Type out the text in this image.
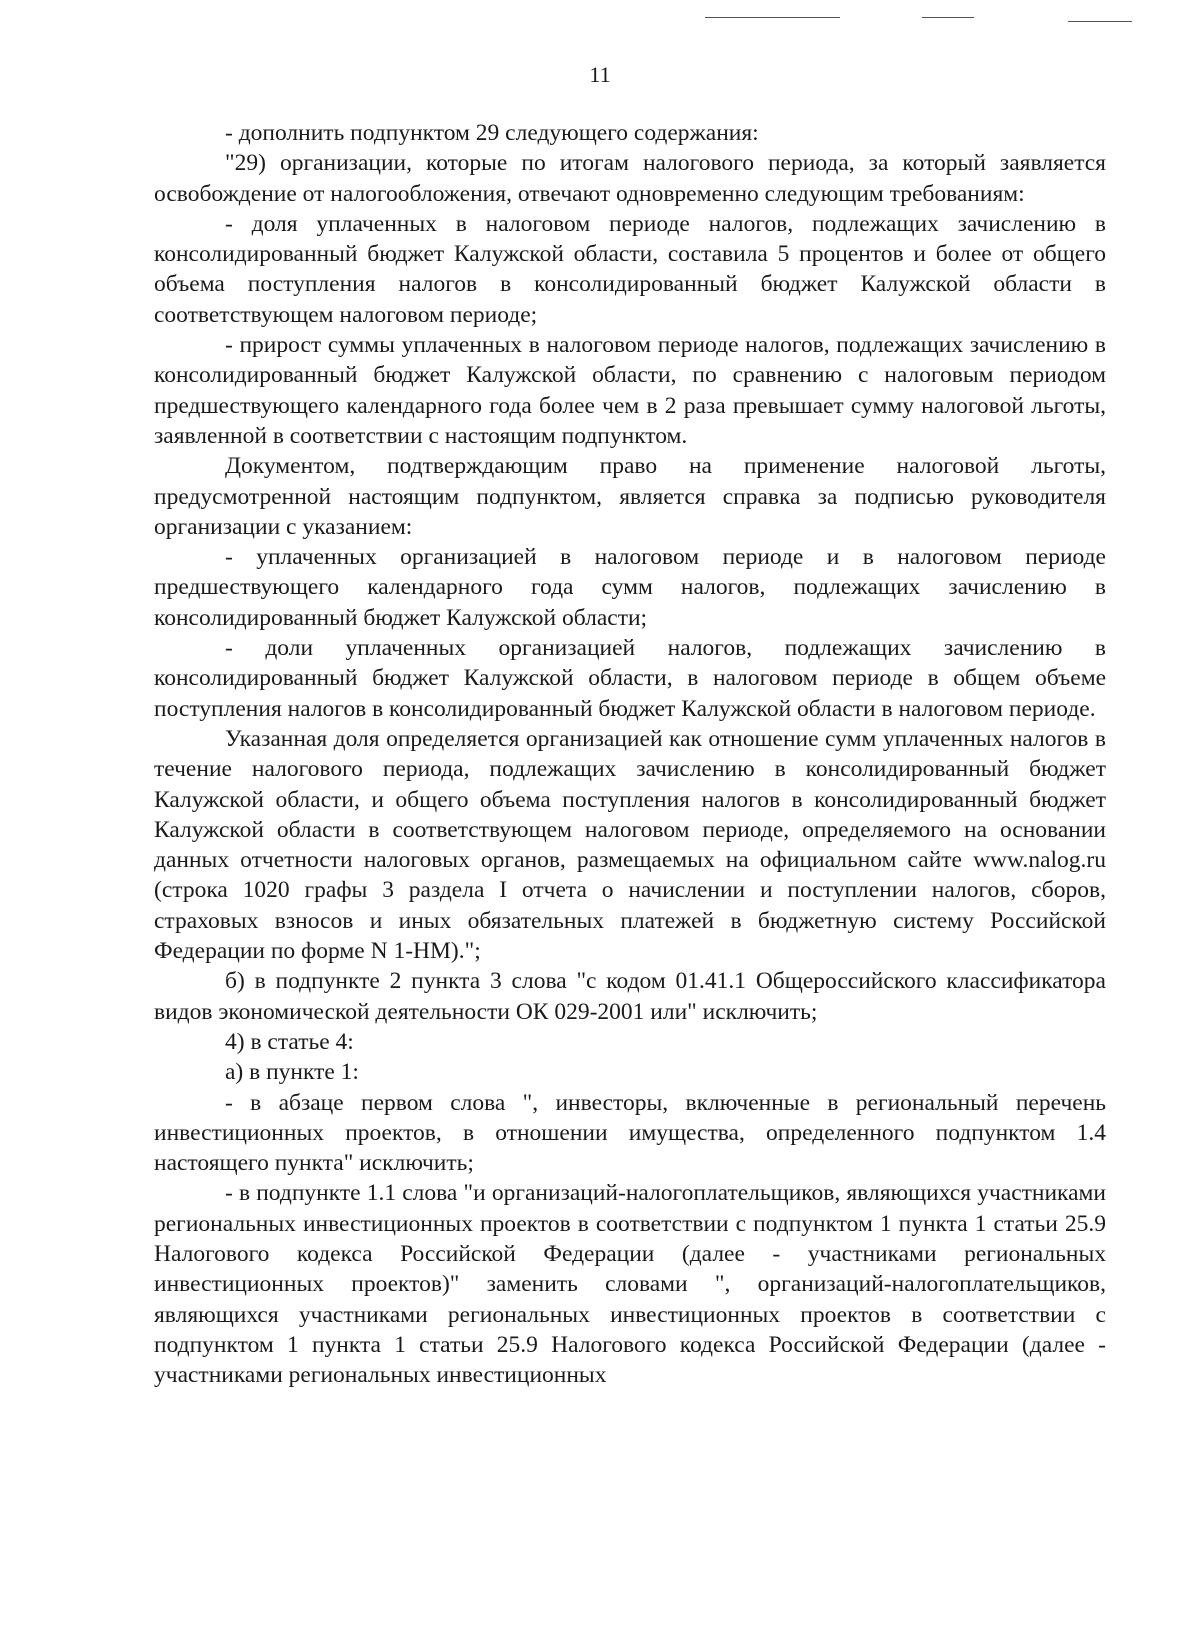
11

- дополнить подпунктом 29 следующего содержания:

"29) организации, которые по итогам налогового периода, за который заявляется освобождение от налогообложения, отвечают одновременно следующим требованиям:

- доля уплаченных в налоговом периоде налогов, подлежащих зачислению в консолидированный бюджет Калужской области, составила 5 процентов и более от общего объема поступления налогов в консолидированный бюджет Калужской области в соответствующем налоговом периоде;

- прирост суммы уплаченных в налоговом периоде налогов, подлежащих зачислению в консолидированный бюджет Калужской области, по сравнению с налоговым периодом предшествующего календарного года более чем в 2 раза превышает сумму налоговой льготы, заявленной в соответствии с настоящим подпунктом.

Документом, подтверждающим право на применение налоговой льготы, предусмотренной настоящим подпунктом, является справка за подписью руководителя организации с указанием:

- уплаченных организацией в налоговом периоде и в налоговом периоде предшествующего календарного года сумм налогов, подлежащих зачислению в консолидированный бюджет Калужской области;

- доли уплаченных организацией налогов, подлежащих зачислению в консолидированный бюджет Калужской области, в налоговом периоде в общем объеме поступления налогов в консолидированный бюджет Калужской области в налоговом периоде.

Указанная доля определяется организацией как отношение сумм уплаченных налогов в течение налогового периода, подлежащих зачислению в консолидированный бюджет Калужской области, и общего объема поступления налогов в консолидированный бюджет Калужской области в соответствующем налоговом периоде, определяемого на основании данных отчетности налоговых органов, размещаемых на официальном сайте www.nalog.ru (строка 1020 графы 3 раздела I отчета о начислении и поступлении налогов, сборов, страховых взносов и иных обязательных платежей в бюджетную систему Российской Федерации по форме N 1-НМ).";

б) в подпункте 2 пункта 3 слова "с кодом 01.41.1 Общероссийского классификатора видов экономической деятельности ОК 029-2001 или" исключить;

4) в статье 4:

а) в пункте 1:

- в абзаце первом слова ", инвесторы, включенные в региональный перечень инвестиционных проектов, в отношении имущества, определенного подпунктом 1.4 настоящего пункта" исключить;

- в подпункте 1.1 слова "и организаций-налогоплательщиков, являющихся участниками региональных инвестиционных проектов в соответствии с подпунктом 1 пункта 1 статьи 25.9 Налогового кодекса Российской Федерации (далее - участниками региональных инвестиционных проектов)" заменить словами ", организаций-налогоплательщиков, являющихся участниками региональных инвестиционных проектов в соответствии с подпунктом 1 пункта 1 статьи 25.9 Налогового кодекса Российской Федерации (далее - участниками региональных инвестиционных
